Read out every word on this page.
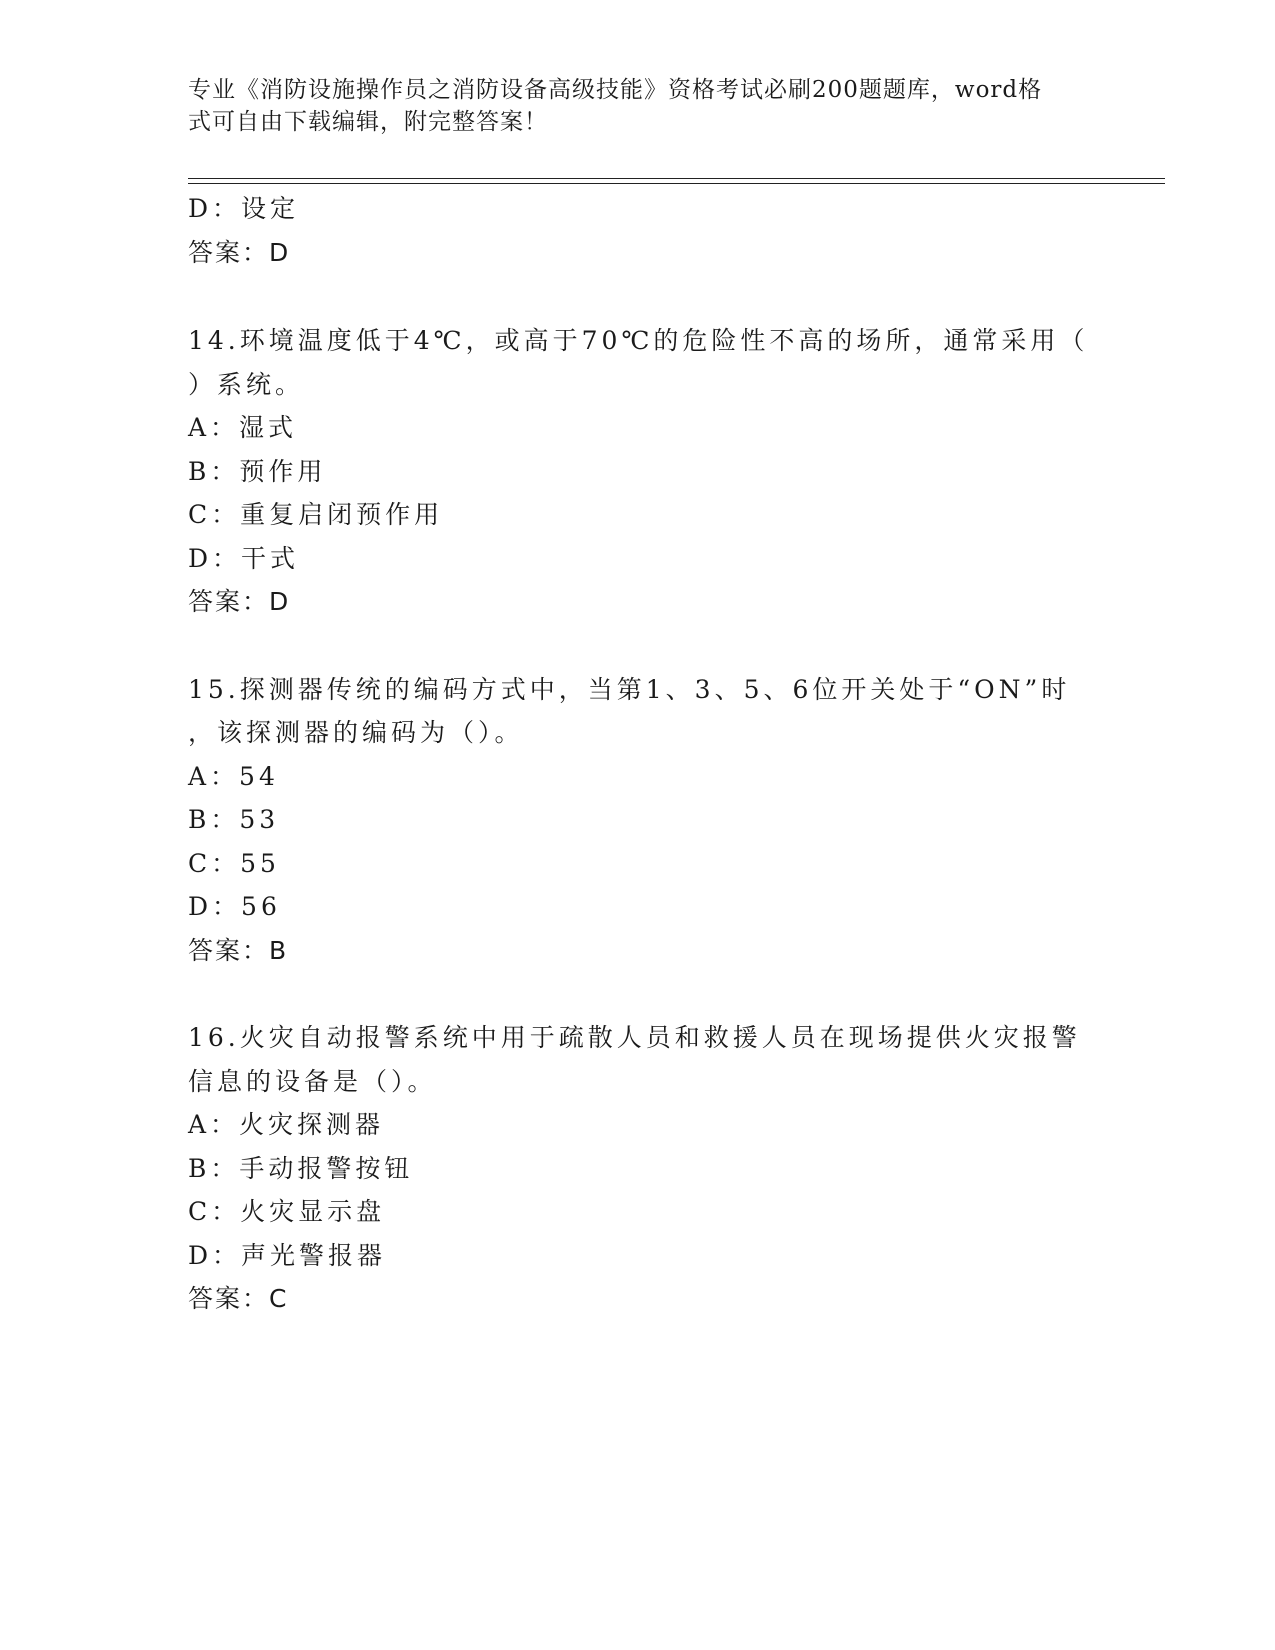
专业《消防设施操作员之消防设备高级技能》资格考试必刷200题题库，word格
式可自由下载编辑，附完整答案！
D：设定
答案：D
14.环境温度低于4℃，或高于70℃的危险性不高的场所，通常采用（
）系统。
A：湿式
B：预作用
C：重复启闭预作用
D：干式
答案：D
15.探测器传统的编码方式中，当第1、3、5、6位开关处于“ON”时
，该探测器的编码为（）。
A：54
B：53
C：55
D：56
答案：B
16.火灾自动报警系统中用于疏散人员和救援人员在现场提供火灾报警
信息的设备是（）。
A：火灾探测器
B：手动报警按钮
C：火灾显示盘
D：声光警报器
答案：C
